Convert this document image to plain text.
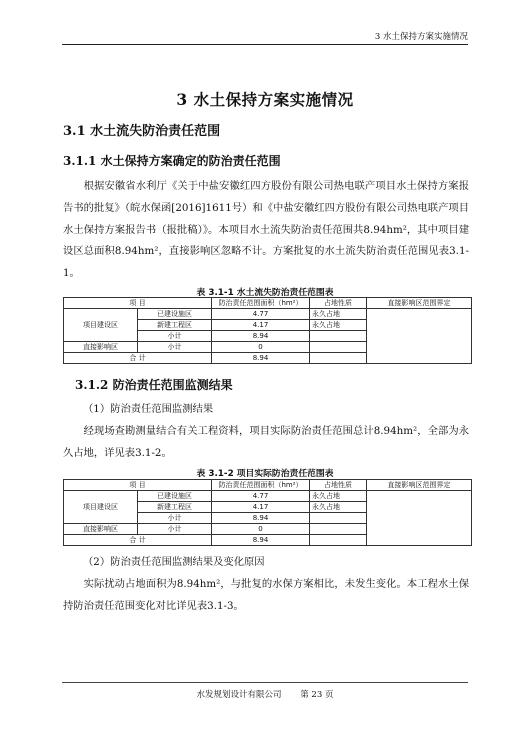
3 水土保持方案实施情况
3 水土保持方案实施情况
3.1 水土流失防治责任范围
3.1.1 水土保持方案确定的防治责任范围
根据安徽省水利厅《关于中盐安徽红四方股份有限公司热电联产项目水土保持方案报告书的批复》（皖水保函[2016]1611号）和《中盐安徽红四方股份有限公司热电联产项目水土保持方案报告书（报批稿）》。本项目水土流失防治责任范围共8.94hm²，其中项目建设区总面积8.94hm²，直接影响区忽略不计。方案批复的水土流失防治责任范围见表3.1-1。
表 3.1-1 水土流失防治责任范围表
项 目		防治责任范围面积（hm²）	占地性质	直接影响区范围界定
项目建设区	已建设施区	4.77	永久占地	
	新建工程区	4.17	永久占地	
	小计	8.94		
直接影响区	小计	0		
合 计		8.94		
3.1.2 防治责任范围监测结果
（1）防治责任范围监测结果
经现场查勘测量结合有关工程资料，项目实际防治责任范围总计8.94hm²，全部为永久占地，详见表3.1-2。
表 3.1-2 项目实际防治责任范围表
项 目		防治责任范围面积（hm²）	占地性质	直接影响区范围界定
项目建设区	已建设施区	4.77	永久占地	
	新建工程区	4.17	永久占地	
	小计	8.94		
直接影响区	小计	0		
合 计		8.94		
（2）防治责任范围监测结果及变化原因
实际扰动占地面积为8.94hm²，与批复的水保方案相比，未发生变化。本工程水土保持防治责任范围变化对比详见表3.1-3。
水发规划设计有限公司 第 23 页
